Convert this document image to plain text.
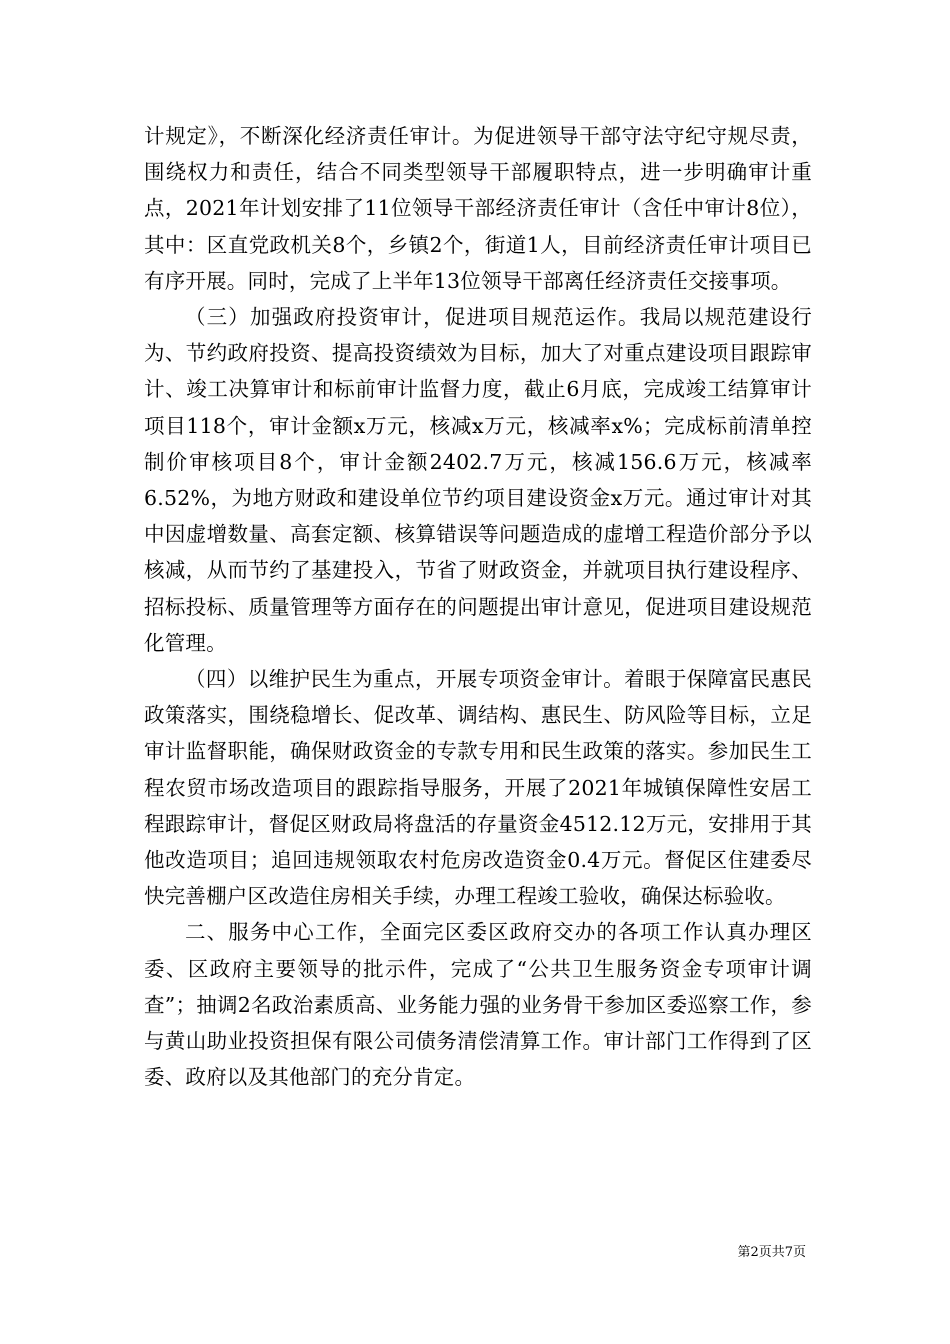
计规定》，不断深化经济责任审计。为促进领导干部守法守纪守规尽责，围绕权力和责任，结合不同类型领导干部履职特点，进一步明确审计重点，2021年计划安排了11位领导干部经济责任审计（含任中审计8位），其中：区直党政机关8个，乡镇2个，街道1人，目前经济责任审计项目已有序开展。同时，完成了上半年13位领导干部离任经济责任交接事项。

（三）加强政府投资审计，促进项目规范运作。我局以规范建设行为、节约政府投资、提高投资绩效为目标，加大了对重点建设项目跟踪审计、竣工决算审计和标前审计监督力度，截止6月底，完成竣工结算审计项目118个，审计金额x万元，核减x万元，核减率x%；完成标前清单控制价审核项目8个，审计金额2402.7万元，核减156.6万元，核减率6.52%，为地方财政和建设单位节约项目建设资金x万元。通过审计对其中因虚增数量、高套定额、核算错误等问题造成的虚增工程造价部分予以核减，从而节约了基建投入，节省了财政资金，并就项目执行建设程序、招标投标、质量管理等方面存在的问题提出审计意见，促进项目建设规范化管理。

（四）以维护民生为重点，开展专项资金审计。着眼于保障富民惠民政策落实，围绕稳增长、促改革、调结构、惠民生、防风险等目标，立足审计监督职能，确保财政资金的专款专用和民生政策的落实。参加民生工程农贸市场改造项目的跟踪指导服务，开展了2021年城镇保障性安居工程跟踪审计，督促区财政局将盘活的存量资金4512.12万元，安排用于其他改造项目；追回违规领取农村危房改造资金0.4万元。督促区住建委尽快完善棚户区改造住房相关手续，办理工程竣工验收，确保达标验收。

二、服务中心工作，全面完区委区政府交办的各项工作认真办理区委、区政府主要领导的批示件，完成了“公共卫生服务资金专项审计调查”；抽调2名政治素质高、业务能力强的业务骨干参加区委巡察工作，参与黄山助业投资担保有限公司债务清偿清算工作。审计部门工作得到了区委、政府以及其他部门的充分肯定。

第2页共7页
